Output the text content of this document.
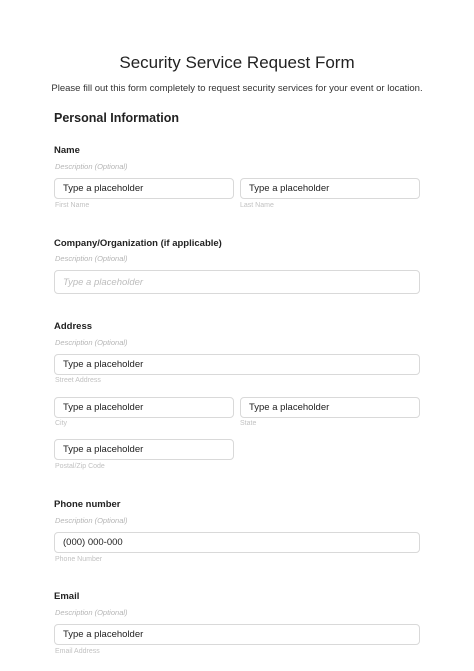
Security Service Request Form
Please fill out this form completely to request security services for your event or location.
Personal Information
Name
Description (Optional)
Type a placeholder
First Name
Type a placeholder
Last Name
Company/Organization (if applicable)
Description (Optional)
Type a placeholder
Address
Description (Optional)
Type a placeholder
Street Address
Type a placeholder
City
Type a placeholder
State
Type a placeholder
Postal/Zip Code
Phone number
Description (Optional)
(000) 000-000
Phone Number
Email
Description (Optional)
Type a placeholder
Email Address
